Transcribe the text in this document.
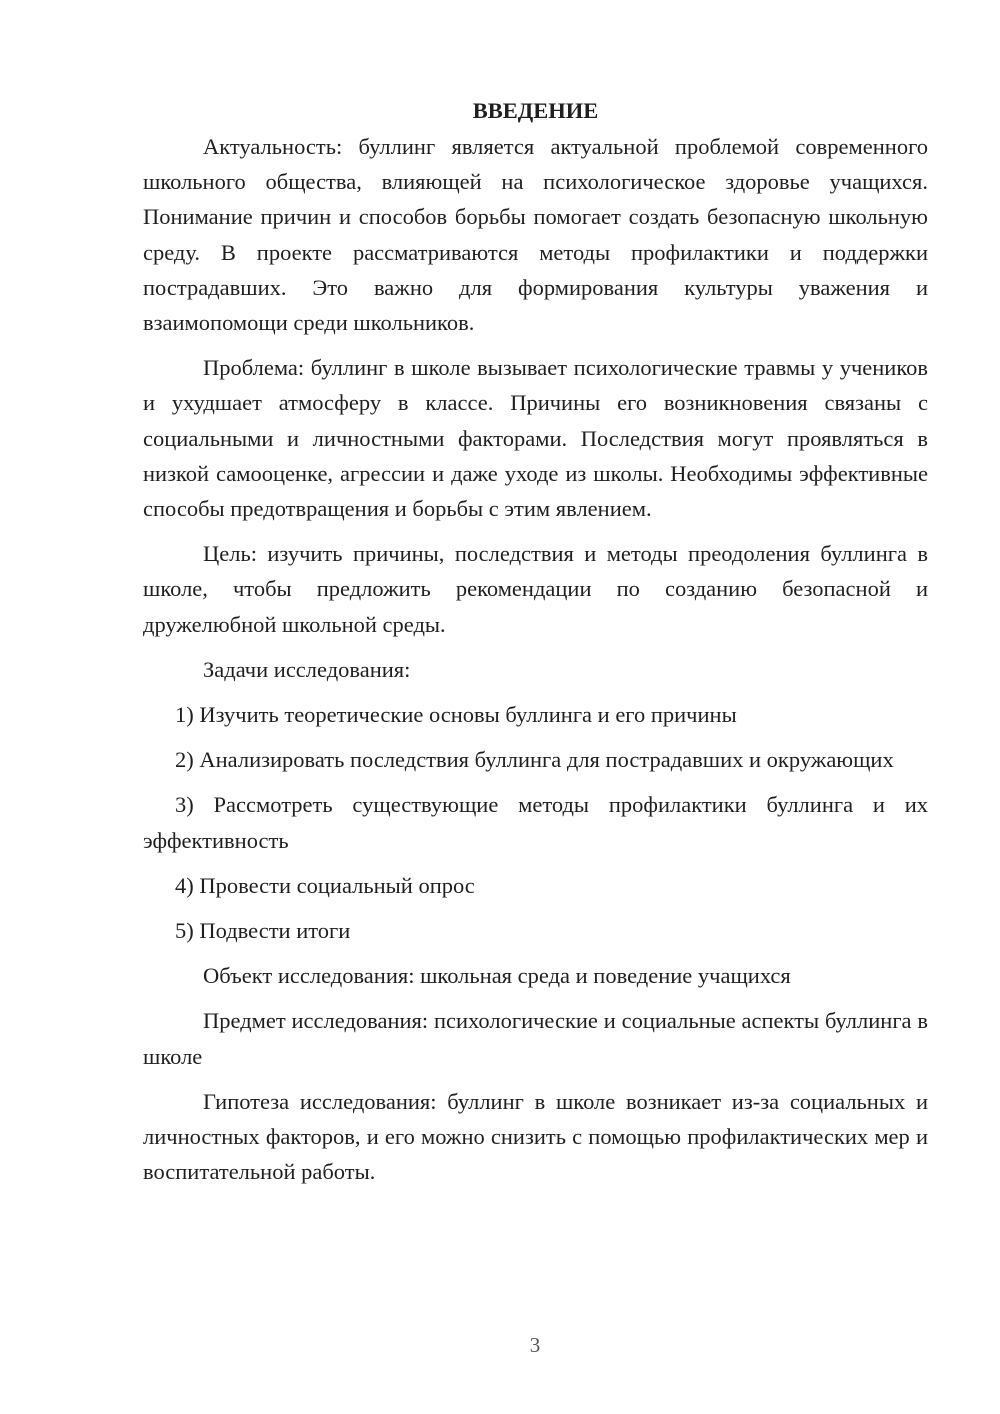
ВВЕДЕНИЕ

Актуальность: буллинг является актуальной проблемой современного школьного общества, влияющей на психологическое здоровье учащихся. Понимание причин и способов борьбы помогает создать безопасную школьную среду. В проекте рассматриваются методы профилактики и поддержки пострадавших. Это важно для формирования культуры уважения и взаимопомощи среди школьников.

Проблема: буллинг в школе вызывает психологические травмы у учеников и ухудшает атмосферу в классе. Причины его возникновения связаны с социальными и личностными факторами. Последствия могут проявляться в низкой самооценке, агрессии и даже уходе из школы. Необходимы эффективные способы предотвращения и борьбы с этим явлением.

Цель: изучить причины, последствия и методы преодоления буллинга в школе, чтобы предложить рекомендации по созданию безопасной и дружелюбной школьной среды.

Задачи исследования:

1) Изучить теоретические основы буллинга и его причины

2) Анализировать последствия буллинга для пострадавших и окружающих

3) Рассмотреть существующие методы профилактики буллинга и их эффективность

4) Провести социальный опрос

5) Подвести итоги

Объект исследования: школьная среда и поведение учащихся

Предмет исследования: психологические и социальные аспекты буллинга в школе

Гипотеза исследования: буллинг в школе возникает из-за социальных и личностных факторов, и его можно снизить с помощью профилактических мер и воспитательной работы.

3
